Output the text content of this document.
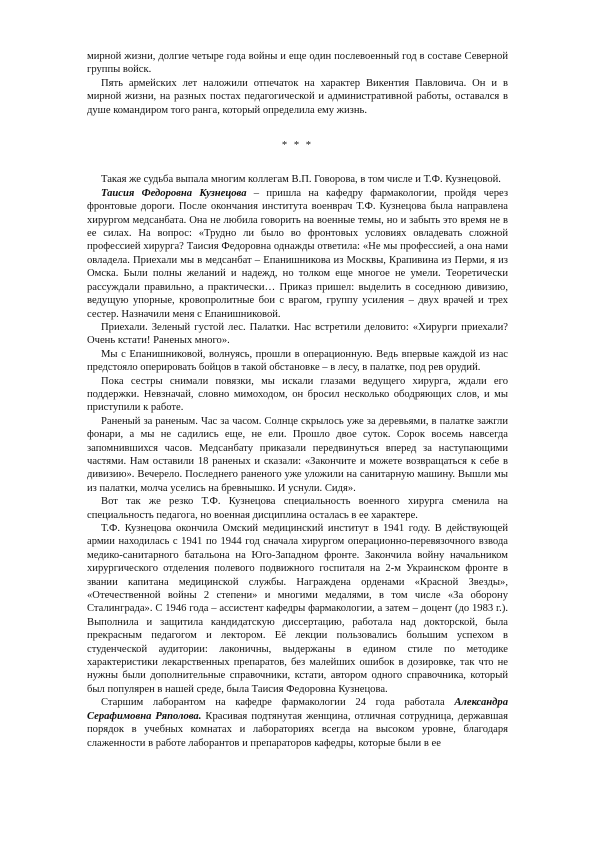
мирной жизни, долгие четыре года войны и еще один послевоенный год в составе Северной группы войск.

Пять армейских лет наложили отпечаток на характер Викентия Павловича. Он и в мирной жизни, на разных постах педагогической и административной работы, оставался в душе командиром того ранга, который определила ему жизнь.

* * *

Такая же судьба выпала многим коллегам В.П. Говорова, в том числе и Т.Ф. Кузнецовой.

Таисия Федоровна Кузнецова – пришла на кафедру фармакологии, пройдя через фронтовые дороги. После окончания института военврач Т.Ф. Кузнецова была направлена хирургом медсанбата. Она не любила говорить на военные темы, но и забыть это время не в ее силах. На вопрос: «Трудно ли было во фронтовых условиях овладевать сложной профессией хирурга? Таисия Федоровна однажды ответила: «Не мы профессией, а она нами овладела. Приехали мы в медсанбат – Епанишникова из Москвы, Крапивина из Перми, я из Омска. Были полны желаний и надежд, но толком еще многое не умели. Теоретически рассуждали правильно, а практически… Приказ пришел: выделить в соседнюю дивизию, ведущую упорные, кровопролитные бои с врагом, группу усиления – двух врачей и трех сестер. Назначили меня с Епанишниковой.

Приехали. Зеленый густой лес. Палатки. Нас встретили деловито: «Хирурги приехали? Очень кстати! Раненых много».

Мы с Епанишниковой, волнуясь, прошли в операционную. Ведь впервые каждой из нас предстояло оперировать бойцов в такой обстановке – в лесу, в палатке, под рев орудий.

Пока сестры снимали повязки, мы искали глазами ведущего хирурга, ждали его поддержки. Невзначай, словно мимоходом, он бросил несколько ободряющих слов, и мы приступили к работе.

Раненый за раненым. Час за часом. Солнце скрылось уже за деревьями, в палатке зажгли фонари, а мы не садились еще, не ели. Прошло двое суток. Сорок восемь навсегда запомнившихся часов. Медсанбату приказали передвинуться вперед за наступающими частями. Нам оставили 18 раненых и сказали: «Закончите и можете возвращаться к себе в дивизию». Вечерело. Последнего раненого уже уложили на санитарную машину. Вышли мы из палатки, молча уселись на бревнышко. И уснули. Сидя».

Вот так же резко Т.Ф. Кузнецова специальность военного хирурга сменила на специальность педагога, но военная дисциплина осталась в ее характере.

Т.Ф. Кузнецова окончила Омский медицинский институт в 1941 году. В действующей армии находилась с 1941 по 1944 год сначала хирургом операционно-перевязочного взвода медико-санитарного батальона на Юго-Западном фронте. Закончила войну начальником хирургического отделения полевого подвижного госпиталя на 2-м Украинском фронте в звании капитана медицинской службы. Награждена орденами «Красной Звезды», «Отечественной войны 2 степени» и многими медалями, в том числе «За оборону Сталинграда». С 1946 года – ассистент кафедры фармакологии, а затем – доцент (до 1983 г.). Выполнила и защитила кандидатскую диссертацию, работала над докторской, была прекрасным педагогом и лектором. Её лекции пользовались большим успехом в студенческой аудитории: лаконичны, выдержаны в едином стиле по методике характеристики лекарственных препаратов, без малейших ошибок в дозировке, так что не нужны были дополнительные справочники, кстати, автором одного справочника, который был популярен в нашей среде, была Таисия Федоровна Кузнецова.

Старшим лаборантом на кафедре фармакологии 24 года работала Александра Серафимовна Ряполова. Красивая подтянутая женщина, отличная сотрудница, державшая порядок в учебных комнатах и лабораториях всегда на высоком уровне, благодаря слаженности в работе лаборантов и препараторов кафедры, которые были в ее
